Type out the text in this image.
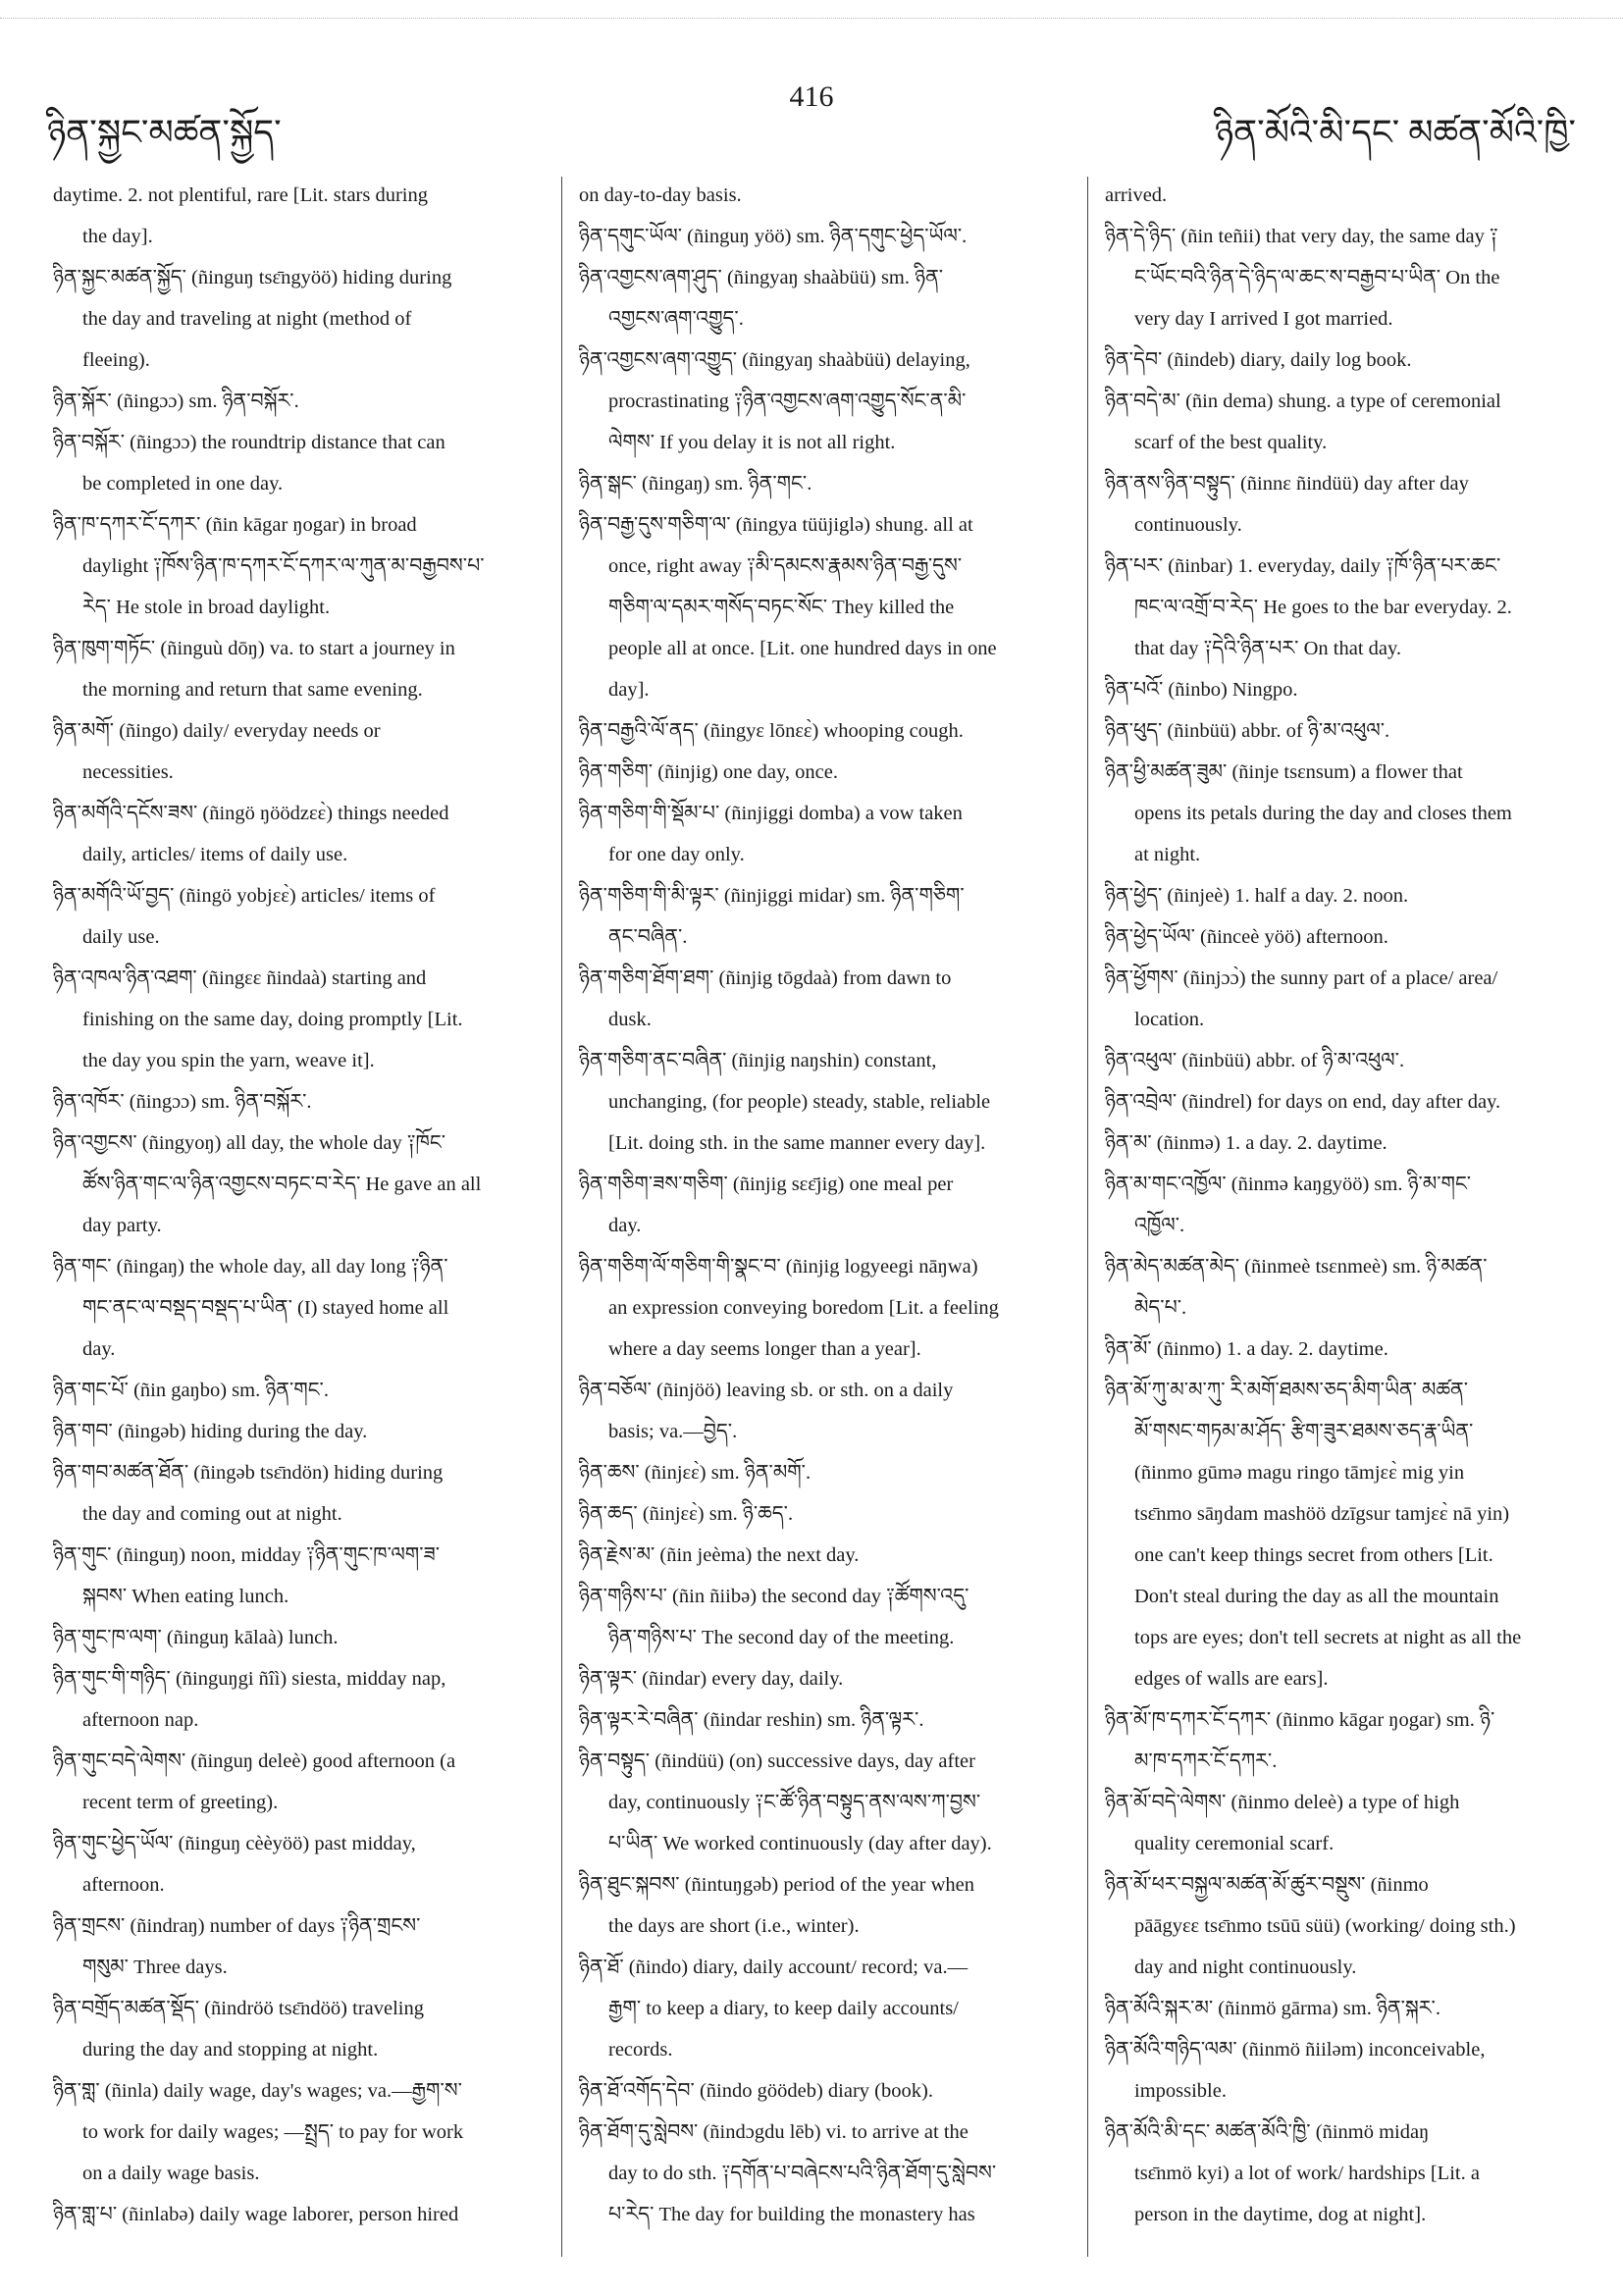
ཉིན་སྐྱང་མཚན་སྐྱོད་
416
ཉིན་མོའི་མི་དང་ མཚན་མོའི་ཁྱི་

daytime. 2. not plentiful, rare [Lit. stars during
the day].

ཉིན་སྐྱང་མཚན་སྐྱོད་ (ñinguŋ tsɛ̄ngyöö) hiding during
the day and traveling at night (method of
fleeing).

ཉིན་སྐོར་ (ñingɔɔ) sm. ཉིན་བསྐོར་.

ཉིན་བསྐོར་ (ñingɔɔ) the roundtrip distance that can
be completed in one day.

ཉིན་ཁ་དཀར་ངོ་དཀར་ (ñin kāgar ŋogar) in broad
daylight ༑ཁོས་ཉིན་ཁ་དཀར་ངོ་དཀར་ལ་ཀུན་མ་བརྒྱབས་པ་
རེད་ He stole in broad daylight.

ཉིན་ཁུག་གཏོང་ (ñinguù dōŋ) va. to start a journey in
the morning and return that same evening.

ཉིན་མགོ་ (ñingo) daily/ everyday needs or
necessities.

ཉིན་མགོའི་དངོས་ཟས་ (ñingö ŋöödzɛɛ̀) things needed
daily, articles/ items of daily use.

ཉིན་མགོའི་ཡོ་བྱད་ (ñingö yobjɛɛ̀) articles/ items of
daily use.

ཉིན་འཁལ་ཉིན་འཐག་ (ñingɛɛ ñindaà) starting and
finishing on the same day, doing promptly [Lit.
the day you spin the yarn, weave it].

ཉིན་འཁོར་ (ñingɔɔ) sm. ཉིན་བསྐོར་.

ཉིན་འགྱངས་ (ñingyoŋ) all day, the whole day ༑ཁོང་
ཚོས་ཉིན་གང་ལ་ཉིན་འགྱངས་བཏང་བ་རེད་ He gave an all
day party.

ཉིན་གང་ (ñingaŋ) the whole day, all day long ༑ཉིན་
གང་ནང་ལ་བསྡད་བསྡད་པ་ཡིན་ (I) stayed home all
day.

ཉིན་གང་པོ་ (ñin gaŋbo) sm. ཉིན་གང་.

ཉིན་གབ་ (ñingəb) hiding during the day.

ཉིན་གབ་མཚན་ཐོན་ (ñingəb tsɛ̄ndön) hiding during
the day and coming out at night.

ཉིན་གུང་ (ñinguŋ) noon, midday ༑ཉིན་གུང་ཁ་ལག་ཟ་
སྐབས་ When eating lunch.

ཉིན་གུང་ཁ་ལག་ (ñinguŋ kālaà) lunch.

ཉིན་གུང་གི་གཉིད་ (ñinguŋgi ñîì) siesta, midday nap,
afternoon nap.

ཉིན་གུང་བདེ་ལེགས་ (ñinguŋ deleè) good afternoon (a
recent term of greeting).

ཉིན་གུང་ཕྱེད་ཡོལ་ (ñinguŋ cèèyöö) past midday,
afternoon.

ཉིན་གྲངས་ (ñindraŋ) number of days ༑ཉིན་གྲངས་
གསུམ་ Three days.

ཉིན་བགྲོད་མཚན་སྡོད་ (ñindröö tsɛ̄ndöö) traveling
during the day and stopping at night.

ཉིན་གླ་ (ñinla) daily wage, day's wages; va.—རྒྱག་ས་
to work for daily wages; —སྤྲད་ to pay for work
on a daily wage basis.

ཉིན་གླ་པ་ (ñinlabə) daily wage laborer, person hired

on day-to-day basis.

ཉིན་དགུང་ཡོལ་ (ñinguŋ yöö) sm. ཉིན་དགུང་ཕྱེད་ཡོལ་.

ཉིན་འགྱངས་ཞག་ཤུད་ (ñingyaŋ shaàbüü) sm. ཉིན་
འགྱངས་ཞག་འགྱུད་.

ཉིན་འགྱངས་ཞག་འགྱུད་ (ñingyaŋ shaàbüü) delaying,
procrastinating ༑ཉིན་འགྱངས་ཞག་འགྱུད་སོང་ན་མི་
ལེགས་ If you delay it is not all right.

ཉིན་སྒང་ (ñingaŋ) sm. ཉིན་གང་.

ཉིན་བརྒྱ་དུས་གཅིག་ལ་ (ñingya tüüjiglə) shung. all at
once, right away ༑མི་དམངས་རྣམས་ཉིན་བརྒྱ་དུས་
གཅིག་ལ་དམར་གསོད་བཏང་སོང་ They killed the
people all at once. [Lit. one hundred days in one
day].

ཉིན་བརྒྱའི་ལོ་ནད་ (ñingyɛ lōnɛɛ̀) whooping cough.

ཉིན་གཅིག་ (ñinjig) one day, once.

ཉིན་གཅིག་གི་སྡོམ་པ་ (ñinjiggi domba) a vow taken
for one day only.

ཉིན་གཅིག་གི་མི་ལྟར་ (ñinjiggi midar) sm. ཉིན་གཅིག་
ནང་བཞིན་.

ཉིན་གཅིག་ཐོག་ཐག་ (ñinjig tōgdaà) from dawn to
dusk.

ཉིན་གཅིག་ནང་བཞིན་ (ñinjig naŋshin) constant,
unchanging, (for people) steady, stable, reliable
[Lit. doing sth. in the same manner every day].

ཉིན་གཅིག་ཟས་གཅིག་ (ñinjig sɛɛ̄jig) one meal per
day.

ཉིན་གཅིག་ལོ་གཅིག་གི་སྣང་བ་ (ñinjig logyeegi nāŋwa)
an expression conveying boredom [Lit. a feeling
where a day seems longer than a year].

ཉིན་བཅོལ་ (ñinjöö) leaving sb. or sth. on a daily
basis; va.—བྱེད་.

ཉིན་ཆས་ (ñinjɛɛ̀) sm. ཉིན་མགོ་.

ཉིན་ཆད་ (ñinjɛɛ̀) sm. ཉི་ཆད་.

ཉིན་རྗེས་མ་ (ñin jeèma) the next day.

ཉིན་གཉིས་པ་ (ñin ñiibə) the second day ༑ཚོགས་འདུ་
ཉིན་གཉིས་པ་ The second day of the meeting.

ཉིན་ལྟར་ (ñindar) every day, daily.

ཉིན་ལྟར་རེ་བཞིན་ (ñindar reshin) sm. ཉིན་ལྟར་.

ཉིན་བསྟུད་ (ñindüü) (on) successive days, day after
day, continuously ༑ང་ཚོ་ཉིན་བསྟུད་ནས་ལས་ཀ་བྱས་
པ་ཡིན་ We worked continuously (day after day).

ཉིན་ཐུང་སྐབས་ (ñintuŋgəb) period of the year when
the days are short (i.e., winter).

ཉིན་ཐོ་ (ñindo) diary, daily account/ record; va.—
རྒྱག་ to keep a diary, to keep daily accounts/
records.

ཉིན་ཐོ་འགོད་དེབ་ (ñindo göödeb) diary (book).

ཉིན་ཐོག་དུ་སླེབས་ (ñindɔgdu lēb) vi. to arrive at the
day to do sth. ༑དགོན་པ་བཞེངས་པའི་ཉིན་ཐོག་དུ་སླེབས་
པ་རེད་ The day for building the monastery has

arrived.

ཉིན་དེ་ཉིད་ (ñin teñii) that very day, the same day ༑
ང་ཡོང་བའི་ཉིན་དེ་ཉིད་ལ་ཆང་ས་བརྒྱབ་པ་ཡིན་ On the
very day I arrived I got married.

ཉིན་དེབ་ (ñindeb) diary, daily log book.

ཉིན་བདེ་མ་ (ñin dema) shung. a type of ceremonial
scarf of the best quality.

ཉིན་ནས་ཉིན་བསྟུད་ (ñinnɛ ñindüü) day after day
continuously.

ཉིན་པར་ (ñinbar) 1. everyday, daily ༑ཁོ་ཉིན་པར་ཆང་
ཁང་ལ་འགྲོ་བ་རེད་ He goes to the bar everyday. 2.
that day ༑དེའི་ཉིན་པར་ On that day.

ཉིན་པའོ་ (ñinbo) Ningpo.

ཉིན་ཕུད་ (ñinbüü) abbr. of ཉི་མ་འཕུལ་.

ཉིན་ཕྱི་མཚན་ཟུམ་ (ñinje tsɛnsum) a flower that
opens its petals during the day and closes them
at night.

ཉིན་ཕྱེད་ (ñinjeè) 1. half a day. 2. noon.

ཉིན་ཕྱེད་ཡོལ་ (ñinceè yöö) afternoon.

ཉིན་ཕྱོགས་ (ñinjɔɔ̀) the sunny part of a place/ area/
location.

ཉིན་འཕུལ་ (ñinbüü) abbr. of ཉི་མ་འཕུལ་.

ཉིན་འབྲེལ་ (ñindrel) for days on end, day after day.

ཉིན་མ་ (ñinmə) 1. a day. 2. daytime.

ཉིན་མ་གང་འཁྱོལ་ (ñinmə kaŋgyöö) sm. ཉི་མ་གང་
འཁྱོལ་.

ཉིན་མེད་མཚན་མེད་ (ñinmeè tsɛnmeè) sm. ཉི་མཚན་
མེད་པ་.

ཉིན་མོ་ (ñinmo) 1. a day. 2. daytime.

ཉིན་མོ་ཀུ་མ་མ་ཀུ་ རི་མགོ་ཐམས་ཅད་མིག་ཡིན་ མཚན་
མོ་གསང་གཏམ་མ་ཤོད་ རྩིག་ཟུར་ཐམས་ཅད་རྣ་ཡིན་
(ñinmo gūmə magu ringo tāmjɛɛ̀ mig yin
tsɛ̄nmo sāŋdam mashöö dzīgsur tamjɛɛ̀ nā yin)
one can't keep things secret from others [Lit.
Don't steal during the day as all the mountain
tops are eyes; don't tell secrets at night as all the
edges of walls are ears].

ཉིན་མོ་ཁ་དཀར་ངོ་དཀར་ (ñinmo kāgar ŋogar) sm. ཉི་
མ་ཁ་དཀར་ངོ་དཀར་.

ཉིན་མོ་བདེ་ལེགས་ (ñinmo deleè) a type of high
quality ceremonial scarf.

ཉིན་མོ་ཕར་བསྐྱལ་མཚན་མོ་ཚུར་བསྡུས་ (ñinmo
pāāgyɛɛ tsɛ̄nmo tsūū süü) (working/ doing sth.)
day and night continuously.

ཉིན་མོའི་སྐར་མ་ (ñinmö gārma) sm. ཉིན་སྐར་.

ཉིན་མོའི་གཉིད་ལམ་ (ñinmö ñiiləm) inconceivable,
impossible.

ཉིན་མོའི་མི་དང་ མཚན་མོའི་ཁྱི་ (ñinmö midaŋ
tsɛ̄nmö kyi) a lot of work/ hardships [Lit. a
person in the daytime, dog at night].
